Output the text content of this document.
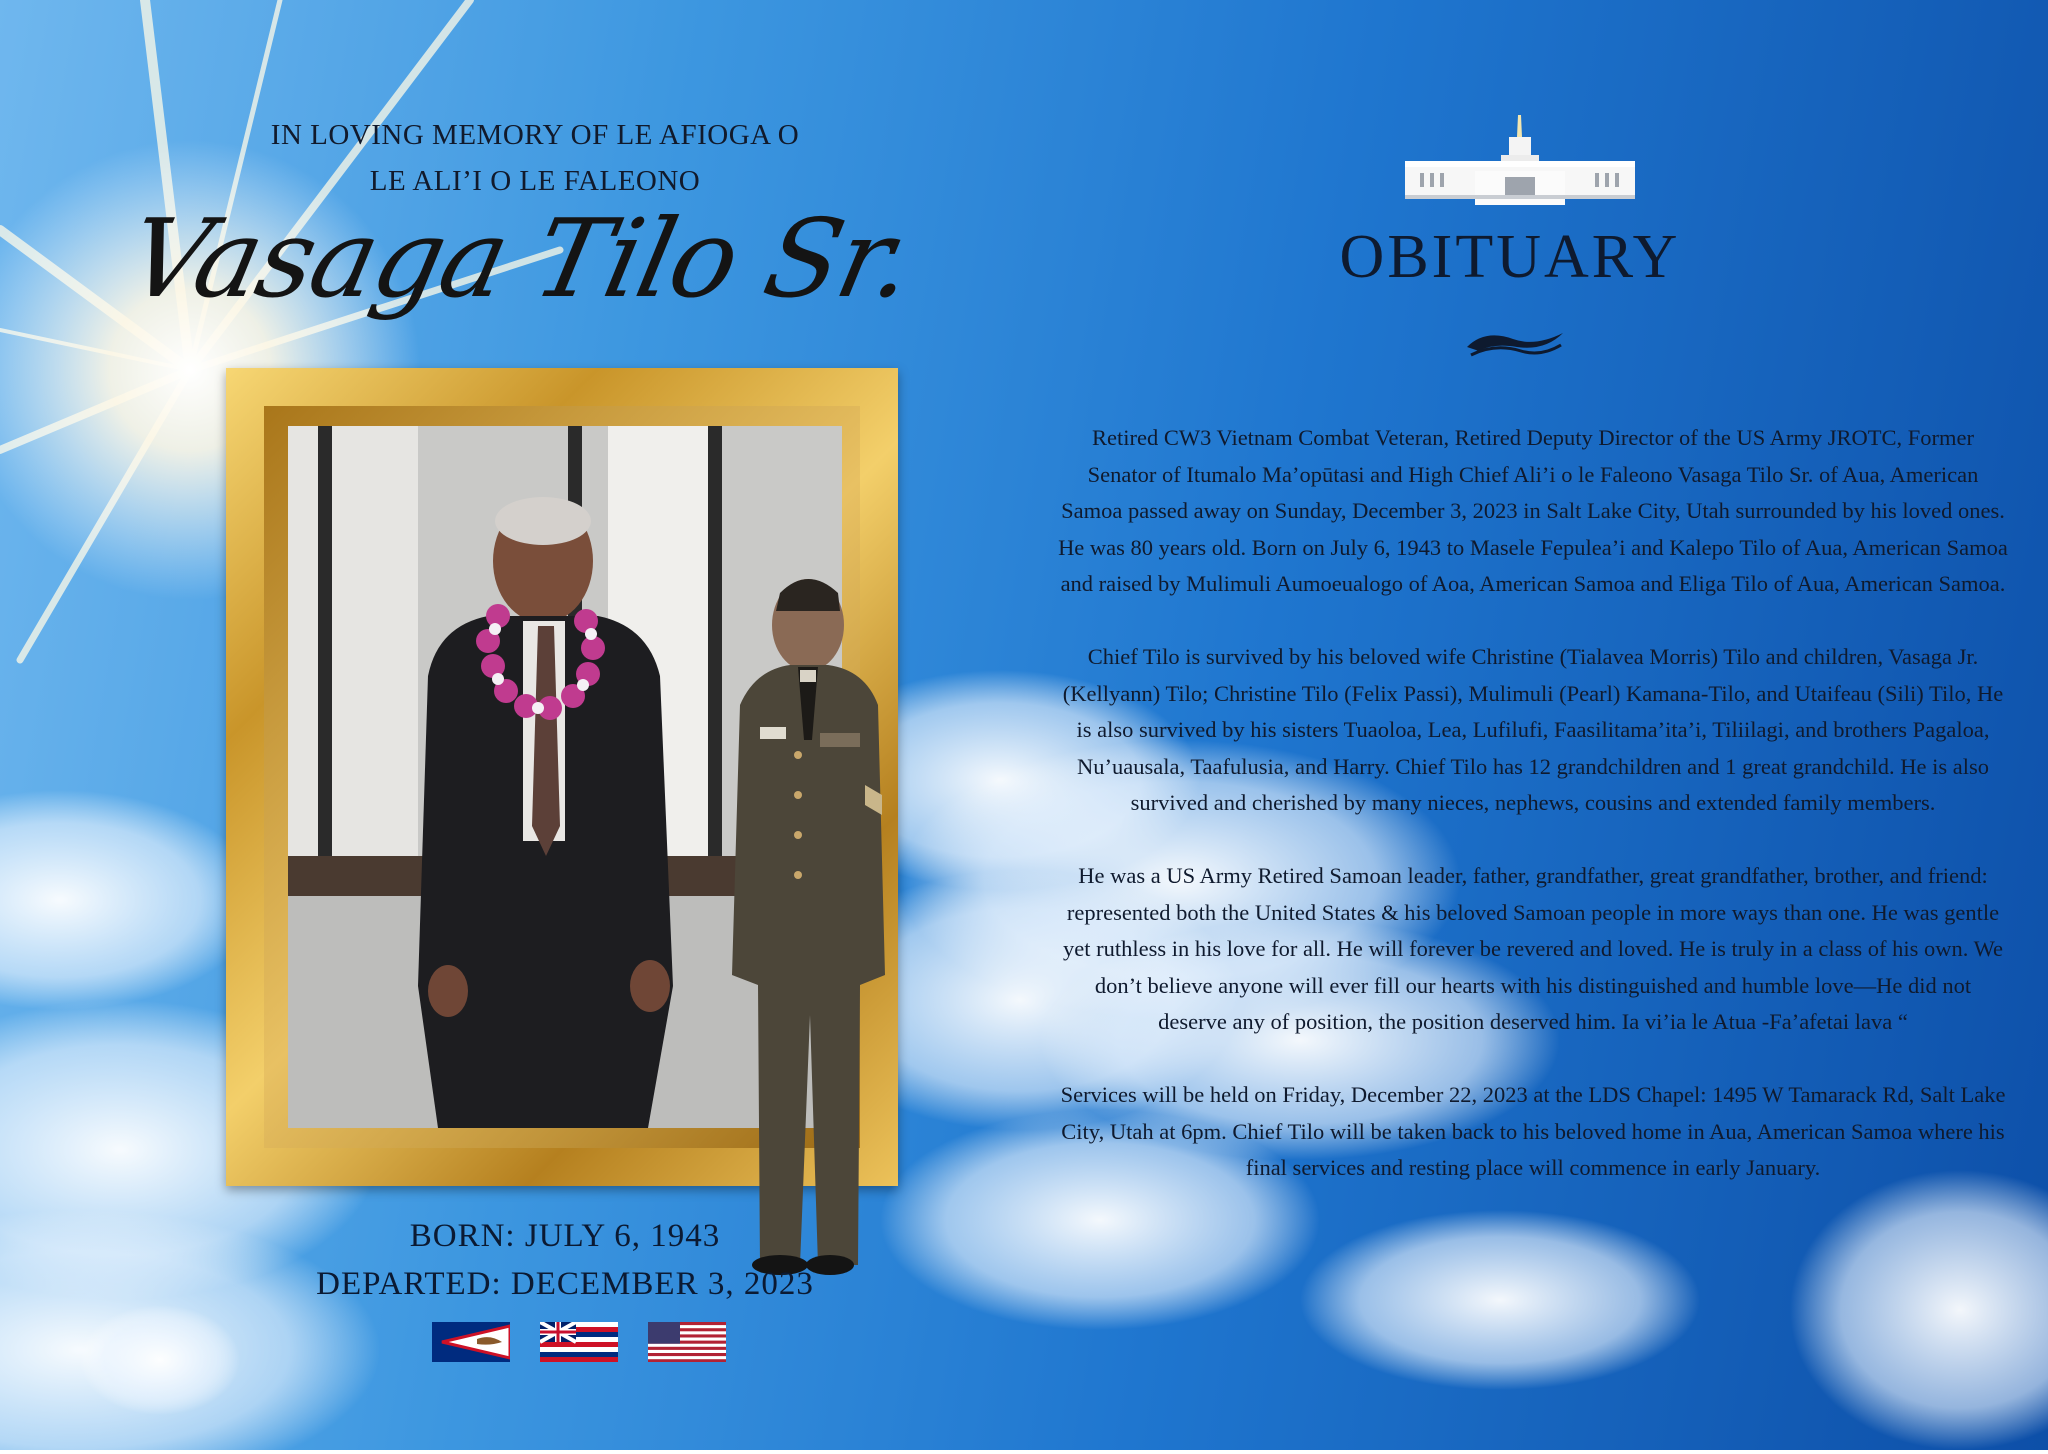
IN LOVING MEMORY OF LE AFIOGA O
LE ALI’I O LE FALEONO
Vasaga Tilo Sr.
BORN: JULY 6, 1943
DEPARTED: DECEMBER 3, 2023
OBITUARY

Retired CW3 Vietnam Combat Veteran, Retired Deputy Director of the US Army JROTC, Former Senator of Itumalo Ma’opūtasi and High Chief Ali’i o le Faleono Vasaga Tilo Sr. of Aua, American Samoa passed away on Sunday, December 3, 2023 in Salt Lake City, Utah surrounded by his loved ones. He was 80 years old. Born on July 6, 1943 to Masele Fepulea’i and Kalepo Tilo of Aua, American Samoa and raised by Mulimuli Aumoeualogo of Aoa, American Samoa and Eliga Tilo of Aua, American Samoa.

Chief Tilo is survived by his beloved wife Christine (Tialavea Morris) Tilo and children, Vasaga Jr. (Kellyann) Tilo; Christine Tilo (Felix Passi), Mulimuli (Pearl) Kamana-Tilo, and Utaifeau (Sili) Tilo, He is also survived by his sisters Tuaoloa, Lea, Lufilufi, Faasilitama’ita’i, Tiliilagi, and brothers Pagaloa, Nu’uausala, Taafulusia, and Harry. Chief Tilo has 12 grandchildren and 1 great grandchild. He is also survived and cherished by many nieces, nephews, cousins and extended family members.

He was a US Army Retired Samoan leader, father, grandfather, great grandfather, brother, and friend: represented both the United States & his beloved Samoan people in more ways than one. He was gentle yet ruthless in his love for all. He will forever be revered and loved. He is truly in a class of his own. We don’t believe anyone will ever fill our hearts with his distinguished and humble love—He did not deserve any of position, the position deserved him. Ia vi’ia le Atua -Fa’afetai lava “

Services will be held on Friday, December 22, 2023 at the LDS Chapel: 1495 W Tamarack Rd, Salt Lake City, Utah at 6pm. Chief Tilo will be taken back to his beloved home in Aua, American Samoa where his final services and resting place will commence in early January.
